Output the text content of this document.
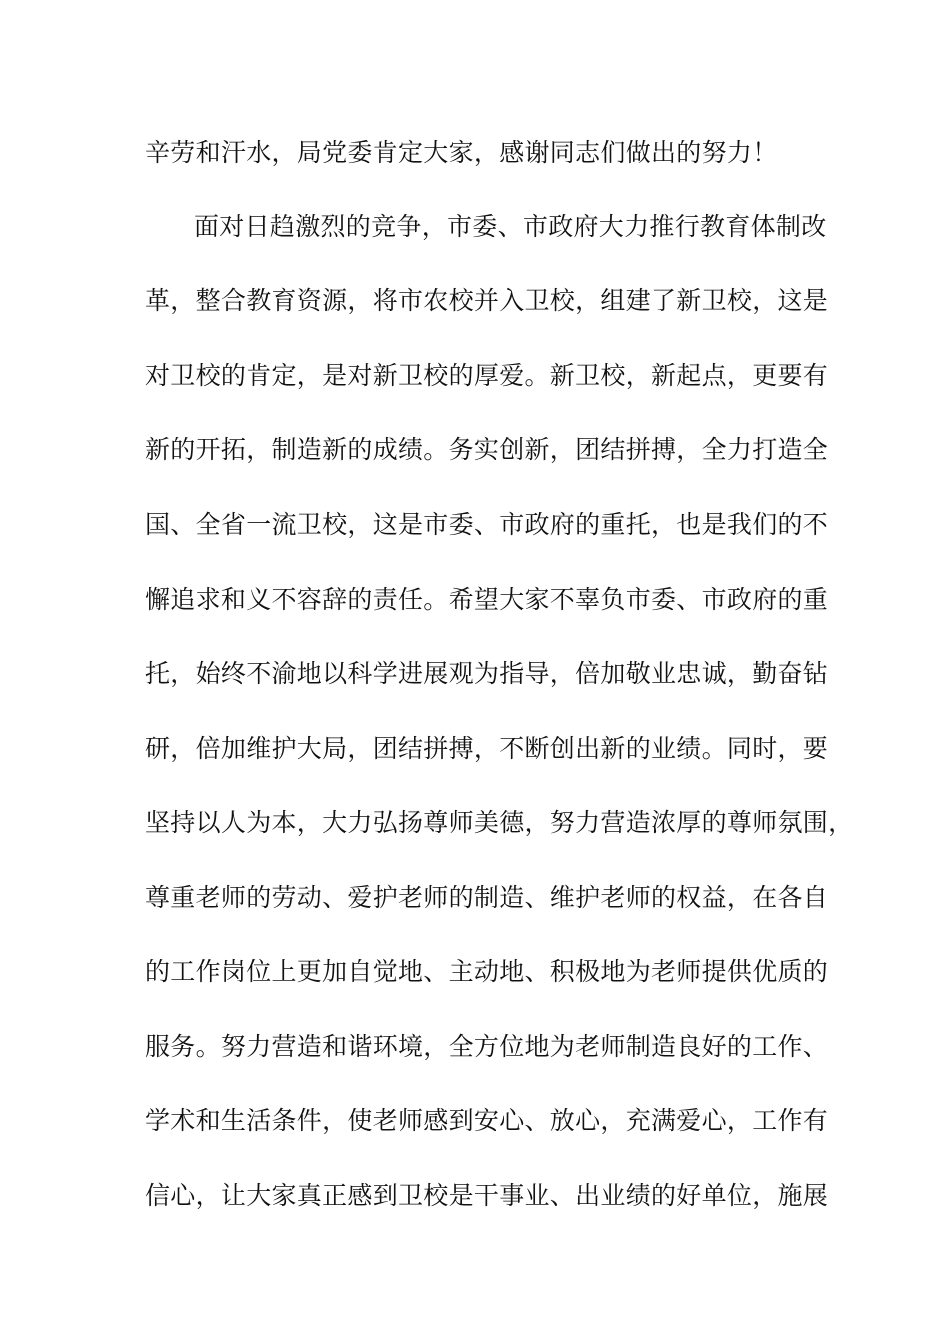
辛劳和汗水，局党委肯定大家，感谢同志们做出的努力！
面对日趋激烈的竞争，市委、市政府大力推行教育体制改
革，整合教育资源，将市农校并入卫校，组建了新卫校，这是
对卫校的肯定，是对新卫校的厚爱。新卫校，新起点，更要有
新的开拓，制造新的成绩。务实创新，团结拼搏，全力打造全
国、全省一流卫校，这是市委、市政府的重托，也是我们的不
懈追求和义不容辞的责任。希望大家不辜负市委、市政府的重
托，始终不渝地以科学进展观为指导，倍加敬业忠诚，勤奋钻
研，倍加维护大局，团结拼搏，不断创出新的业绩。同时，要
坚持以人为本，大力弘扬尊师美德，努力营造浓厚的尊师氛围，
尊重老师的劳动、爱护老师的制造、维护老师的权益，在各自
的工作岗位上更加自觉地、主动地、积极地为老师提供优质的
服务。努力营造和谐环境，全方位地为老师制造良好的工作、
学术和生活条件，使老师感到安心、放心，充满爱心，工作有
信心，让大家真正感到卫校是干事业、出业绩的好单位，施展
